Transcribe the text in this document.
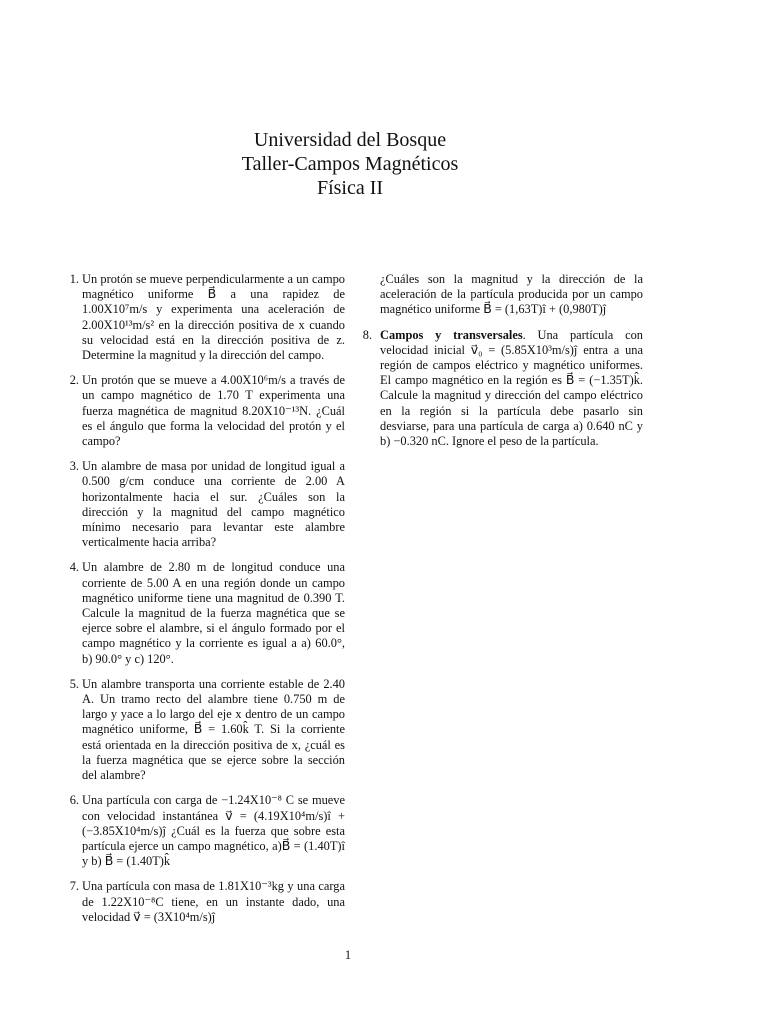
Universidad del Bosque
Taller-Campos Magnéticos
Física II
1. Un protón se mueve perpendicularmente a un campo magnético uniforme B⃗ a una rapidez de 1.00X10⁷m/s y experimenta una aceleración de 2.00X10¹³m/s² en la dirección positiva de x cuando su velocidad está en la dirección positiva de z. Determine la magnitud y la dirección del campo.
2. Un protón que se mueve a 4.00X10⁶m/s a través de un campo magnético de 1.70 T experimenta una fuerza magnética de magnitud 8.20X10⁻¹³N. ¿Cuál es el ángulo que forma la velocidad del protón y el campo?
3. Un alambre de masa por unidad de longitud igual a 0.500 g/cm conduce una corriente de 2.00 A horizontalmente hacia el sur. ¿Cuáles son la dirección y la magnitud del campo magnético mínimo necesario para levantar este alambre verticalmente hacia arriba?
4. Un alambre de 2.80 m de longitud conduce una corriente de 5.00 A en una región donde un campo magnético uniforme tiene una magnitud de 0.390 T. Calcule la magnitud de la fuerza magnética que se ejerce sobre el alambre, si el ángulo formado por el campo magnético y la corriente es igual a a) 60.0°, b) 90.0° y c) 120°.
5. Un alambre transporta una corriente estable de 2.40 A. Un tramo recto del alambre tiene 0.750 m de largo y yace a lo largo del eje x dentro de un campo magnético uniforme, B⃗ = 1.60k̂ T. Si la corriente está orientada en la dirección positiva de x, ¿cuál es la fuerza magnética que se ejerce sobre la sección del alambre?
6. Una partícula con carga de −1.24X10⁻⁸ C se mueve con velocidad instantánea v⃗ = (4.19X10⁴m/s)î + (−3.85X10⁴m/s)ĵ ¿Cuál es la fuerza que sobre esta partícula ejerce un campo magnético, a)B⃗ = (1.40T)î y b) B⃗ = (1.40T)k̂
7. Una partícula con masa de 1.81X10⁻³kg y una carga de 1.22X10⁻⁸C tiene, en un instante dado, una velocidad v⃗ = (3X10⁴m/s)ĵ
¿Cuáles son la magnitud y la dirección de la aceleración de la partícula producida por un campo magnético uniforme B⃗ = (1,63T)î + (0,980T)ĵ
8. Campos y transversales. Una partícula con velocidad inicial v⃗₀ = (5.85X10³m/s)ĵ entra a una región de campos eléctrico y magnético uniformes. El campo magnético en la región es B⃗ = (−1.35T)k̂. Calcule la magnitud y dirección del campo eléctrico en la región si la partícula debe pasarlo sin desviarse, para una partícula de carga a) 0.640 nC y b) −0.320 nC. Ignore el peso de la partícula.
1
